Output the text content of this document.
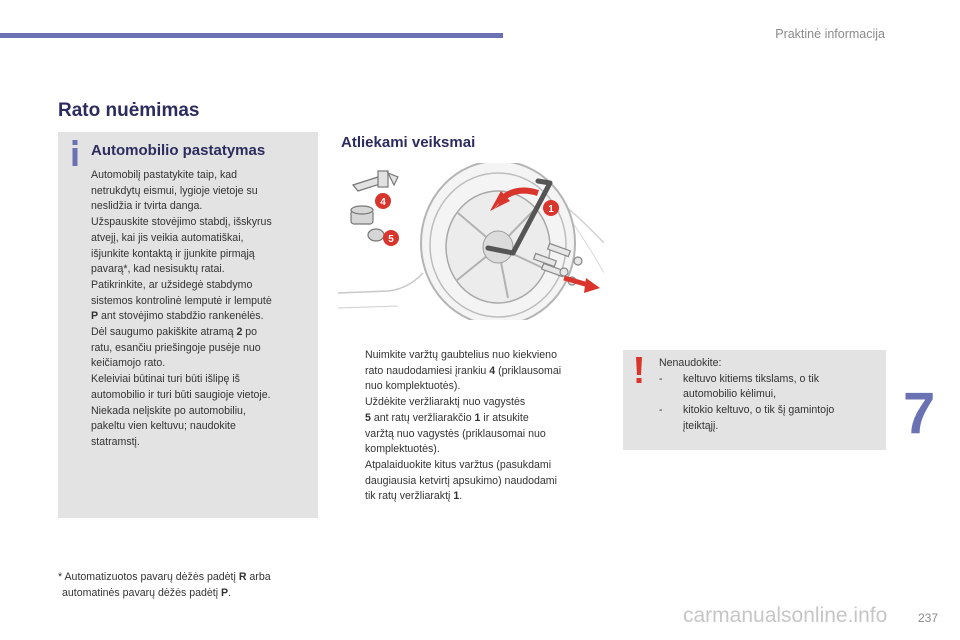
Praktinė informacija
Rato nuėmimas
Automobilio pastatymas
Automobilį pastatykite taip, kad
netrukdytų eismui, lygioje vietoje su
neslidžia ir tvirta danga.
Užspauskite stovėjimo stabdį, išskyrus
atvejį, kai jis veikia automatiškai,
išjunkite kontaktą ir įjunkite pirmąją
pavarą*, kad nesisuktų ratai.
Patikrinkite, ar užsidegė stabdymo
sistemos kontrolinė lemputė ir lemputė
P ant stovėjimo stabdžio rankenėlės.
Dėl saugumo pakiškite atramą 2 po
ratu, esančiu priešingoje pusėje nuo
keičiamojo rato.
Keleiviai būtinai turi būti išlipę iš
automobilio ir turi būti saugioje vietoje.
Niekada nelįskite po automobiliu,
pakeltu vien keltuvu; naudokite
statramstį.
* Automatizuotos pavarų dėžės padėtį R arba
automatinės pavarų dėžės padėtį P.
Atliekami veiksmai
4
5
1
Nuimkite varžtų gaubtelius nuo kiekvieno
rato naudodamiesi įrankiu 4 (priklausomai
nuo komplektuotės).
Uždėkite veržliaraktį nuo vagystės
5 ant ratų veržliarakčio 1 ir atsukite
varžtą nuo vagystės (priklausomai nuo
komplektuotės).
Atpalaiduokite kitus varžtus (pasukdami
daugiausia ketvirtį apsukimo) naudodami
tik ratų veržliaraktį 1.
Nenaudokite:
- keltuvo kitiems tikslams, o tik
automobilio kėlimui,
- kitokio keltuvo, o tik šį gamintojo
įteiktąjį.	7
carmanualsonline.info	237
